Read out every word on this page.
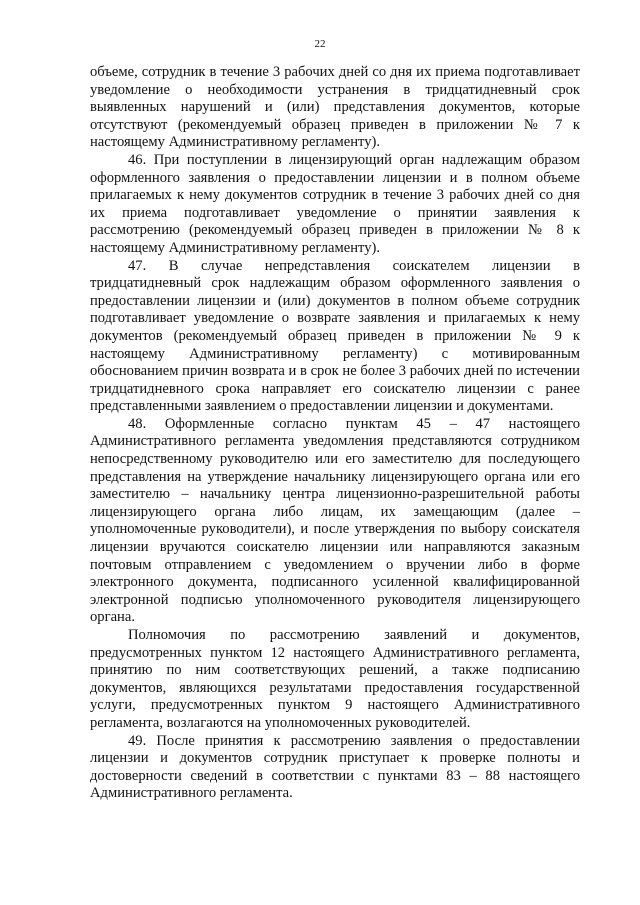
22

объеме, сотрудник в течение 3 рабочих дней со дня их приема подготавливает уведомление о необходимости устранения в тридцатидневный срок выявленных нарушений и (или) представления документов, которые отсутствуют (рекомендуемый образец приведен в приложении № 7 к настоящему Административному регламенту).

46. При поступлении в лицензирующий орган надлежащим образом оформленного заявления о предоставлении лицензии и в полном объеме прилагаемых к нему документов сотрудник в течение 3 рабочих дней со дня их приема подготавливает уведомление о принятии заявления к рассмотрению (рекомендуемый образец приведен в приложении № 8 к настоящему Административному регламенту).

47. В случае непредставления соискателем лицензии в тридцатидневный срок надлежащим образом оформленного заявления о предоставлении лицензии и (или) документов в полном объеме сотрудник подготавливает уведомление о возврате заявления и прилагаемых к нему документов (рекомендуемый образец приведен в приложении № 9 к настоящему Административному регламенту) с мотивированным обоснованием причин возврата и в срок не более 3 рабочих дней по истечении тридцатидневного срока направляет его соискателю лицензии с ранее представленными заявлением о предоставлении лицензии и документами.

48. Оформленные согласно пунктам 45 – 47 настоящего Административного регламента уведомления представляются сотрудником непосредственному руководителю или его заместителю для последующего представления на утверждение начальнику лицензирующего органа или его заместителю – начальнику центра лицензионно-разрешительной работы лицензирующего органа либо лицам, их замещающим (далее – уполномоченные руководители), и после утверждения по выбору соискателя лицензии вручаются соискателю лицензии или направляются заказным почтовым отправлением с уведомлением о вручении либо в форме электронного документа, подписанного усиленной квалифицированной электронной подписью уполномоченного руководителя лицензирующего органа.

Полномочия по рассмотрению заявлений и документов, предусмотренных пунктом 12 настоящего Административного регламента, принятию по ним соответствующих решений, а также подписанию документов, являющихся результатами предоставления государственной услуги, предусмотренных пунктом 9 настоящего Административного регламента, возлагаются на уполномоченных руководителей.

49. После принятия к рассмотрению заявления о предоставлении лицензии и документов сотрудник приступает к проверке полноты и достоверности сведений в соответствии с пунктами 83 – 88 настоящего Административного регламента.
